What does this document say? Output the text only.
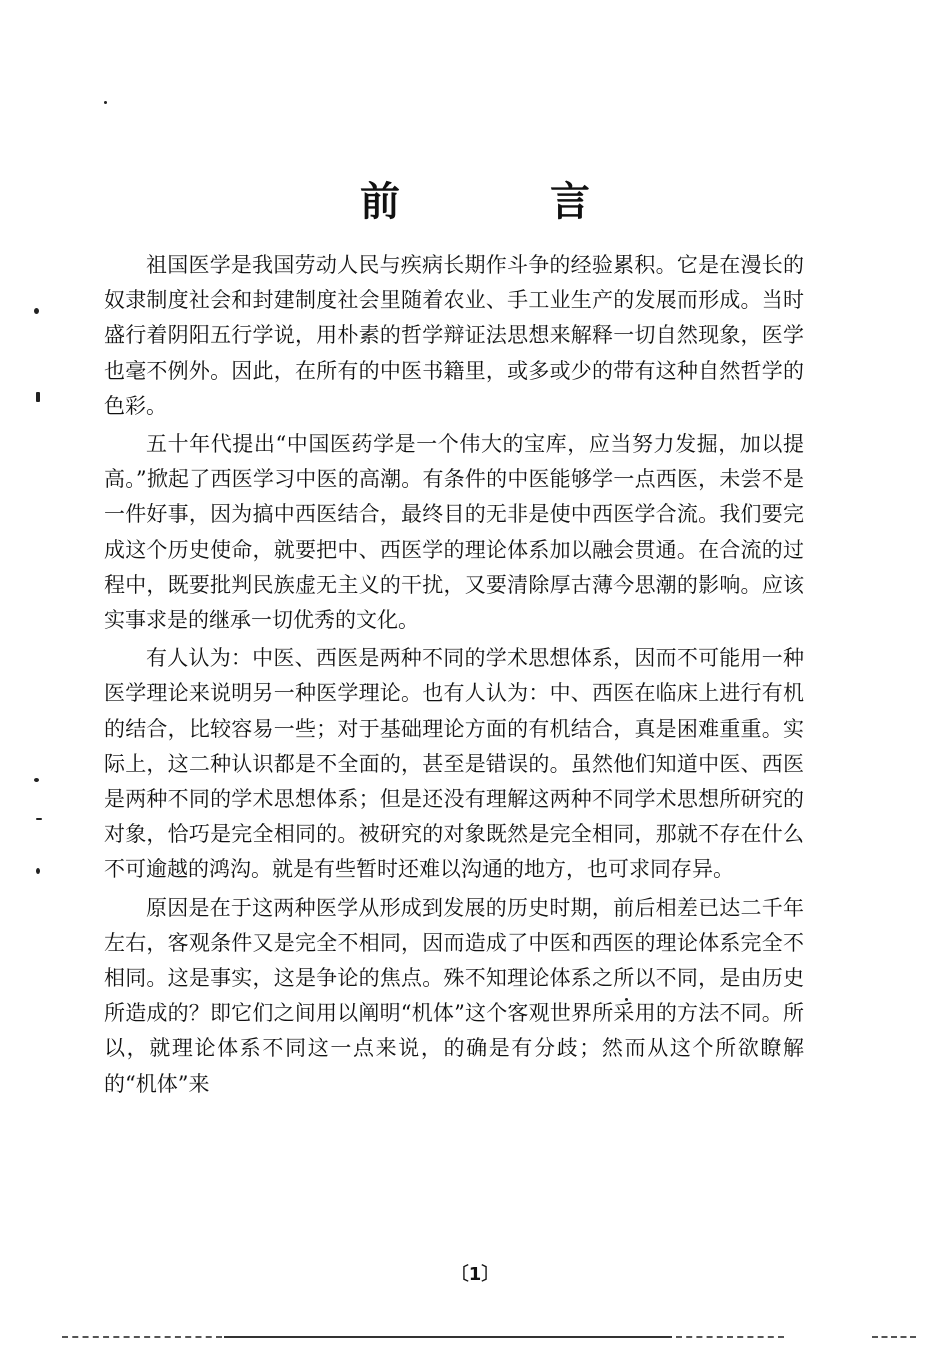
前 言

祖国医学是我国劳动人民与疾病长期作斗争的经验累积。它是在漫长的奴隶制度社会和封建制度社会里随着农业、手工业生产的发展而形成。当时盛行着阴阳五行学说，用朴素的哲学辩证法思想来解释一切自然现象，医学也毫不例外。因此，在所有的中医书籍里，或多或少的带有这种自然哲学的色彩。

五十年代提出“中国医药学是一个伟大的宝库，应当努力发掘，加以提高。”掀起了西医学习中医的高潮。有条件的中医能够学一点西医，未尝不是一件好事，因为搞中西医结合，最终目的无非是使中西医学合流。我们要完成这个历史使命，就要把中、西医学的理论体系加以融会贯通。在合流的过程中，既要批判民族虚无主义的干扰，又要清除厚古薄今思潮的影响。应该实事求是的继承一切优秀的文化。

有人认为：中医、西医是两种不同的学术思想体系，因而不可能用一种医学理论来说明另一种医学理论。也有人认为：中、西医在临床上进行有机的结合，比较容易一些；对于基础理论方面的有机结合，真是困难重重。实际上，这二种认识都是不全面的，甚至是错误的。虽然他们知道中医、西医是两种不同的学术思想体系；但是还没有理解这两种不同学术思想所研究的对象，恰巧是完全相同的。被研究的对象既然是完全相同，那就不存在什么不可逾越的鸿沟。就是有些暂时还难以沟通的地方，也可求同存异。

原因是在于这两种医学从形成到发展的历史时期，前后相差已达二千年左右，客观条件又是完全不相同，因而造成了中医和西医的理论体系完全不相同。这是事实，这是争论的焦点。殊不知理论体系之所以不同，是由历史所造成的？即它们之间用以阐明“机体”这个客观世界所采用的方法不同。所以，就理论体系不同这一点来说，的确是有分歧；然而从这个所欲瞭解的“机体”来

〔1〕
